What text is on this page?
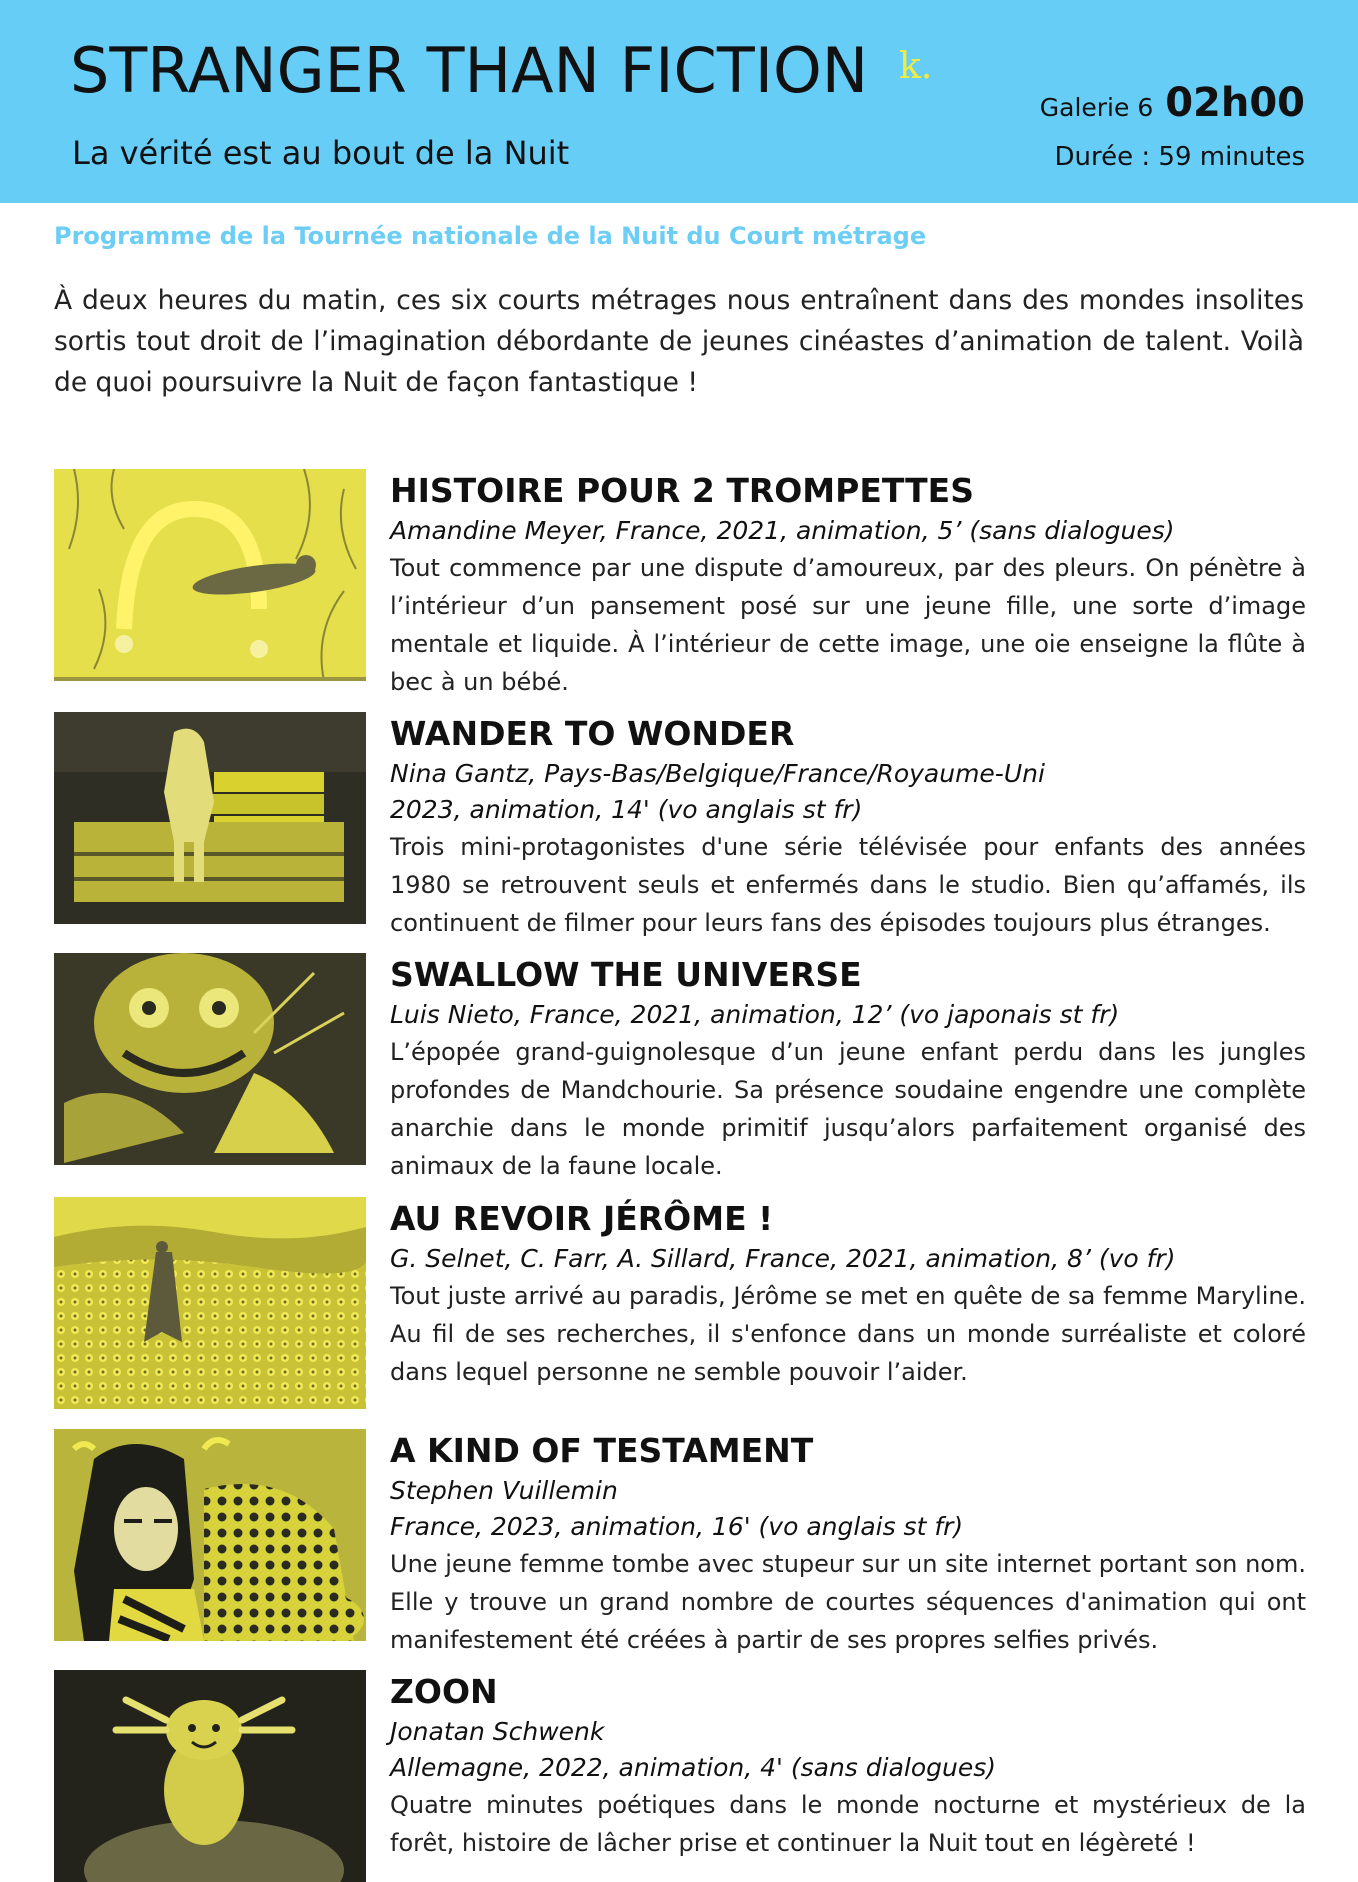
STRANGER THAN FICTION k.
La vérité est au bout de la Nuit
Galerie 6 02h00
Durée : 59 minutes
Programme de la Tournée nationale de la Nuit du Court métrage

À deux heures du matin, ces six courts métrages nous entraînent dans des mondes insolites sortis tout droit de l’imagination débordante de jeunes cinéastes d’animation de talent. Voilà de quoi poursuivre la Nuit de façon fantastique !

HISTOIRE POUR 2 TROMPETTES
Amandine Meyer, France, 2021, animation, 5’ (sans dialogues)

Tout commence par une dispute d’amoureux, par des pleurs. On pénètre à l’intérieur d’un pansement posé sur une jeune fille, une sorte d’image mentale et liquide. À l’intérieur de cette image, une oie enseigne la flûte à bec à un bébé.

WANDER TO WONDER
Nina Gantz, Pays-Bas/Belgique/France/Royaume-Uni
2023, animation, 14' (vo anglais st fr)

Trois mini-protagonistes d'une série télévisée pour enfants des années 1980 se retrouvent seuls et enfermés dans le studio. Bien qu’affamés, ils continuent de filmer pour leurs fans des épisodes toujours plus étranges.

SWALLOW THE UNIVERSE
Luis Nieto, France, 2021, animation, 12’ (vo japonais st fr)

L’épopée grand-guignolesque d’un jeune enfant perdu dans les jungles profondes de Mandchourie. Sa présence soudaine engendre une complète anarchie dans le monde primitif jusqu’alors parfaitement organisé des animaux de la faune locale.

AU REVOIR JÉRÔME !
G. Selnet, C. Farr, A. Sillard, France, 2021, animation, 8’ (vo fr)

Tout juste arrivé au paradis, Jérôme se met en quête de sa femme Maryline. Au fil de ses recherches, il s'enfonce dans un monde surréaliste et coloré dans lequel personne ne semble pouvoir l’aider.

A KIND OF TESTAMENT
Stephen Vuillemin
France, 2023, animation, 16' (vo anglais st fr)

Une jeune femme tombe avec stupeur sur un site internet portant son nom. Elle y trouve un grand nombre de courtes séquences d'animation qui ont manifestement été créées à partir de ses propres selfies privés.

ZOON
Jonatan Schwenk
Allemagne, 2022, animation, 4' (sans dialogues)

Quatre minutes poétiques dans le monde nocturne et mystérieux de la forêt, histoire de lâcher prise et continuer la Nuit tout en légèreté !
